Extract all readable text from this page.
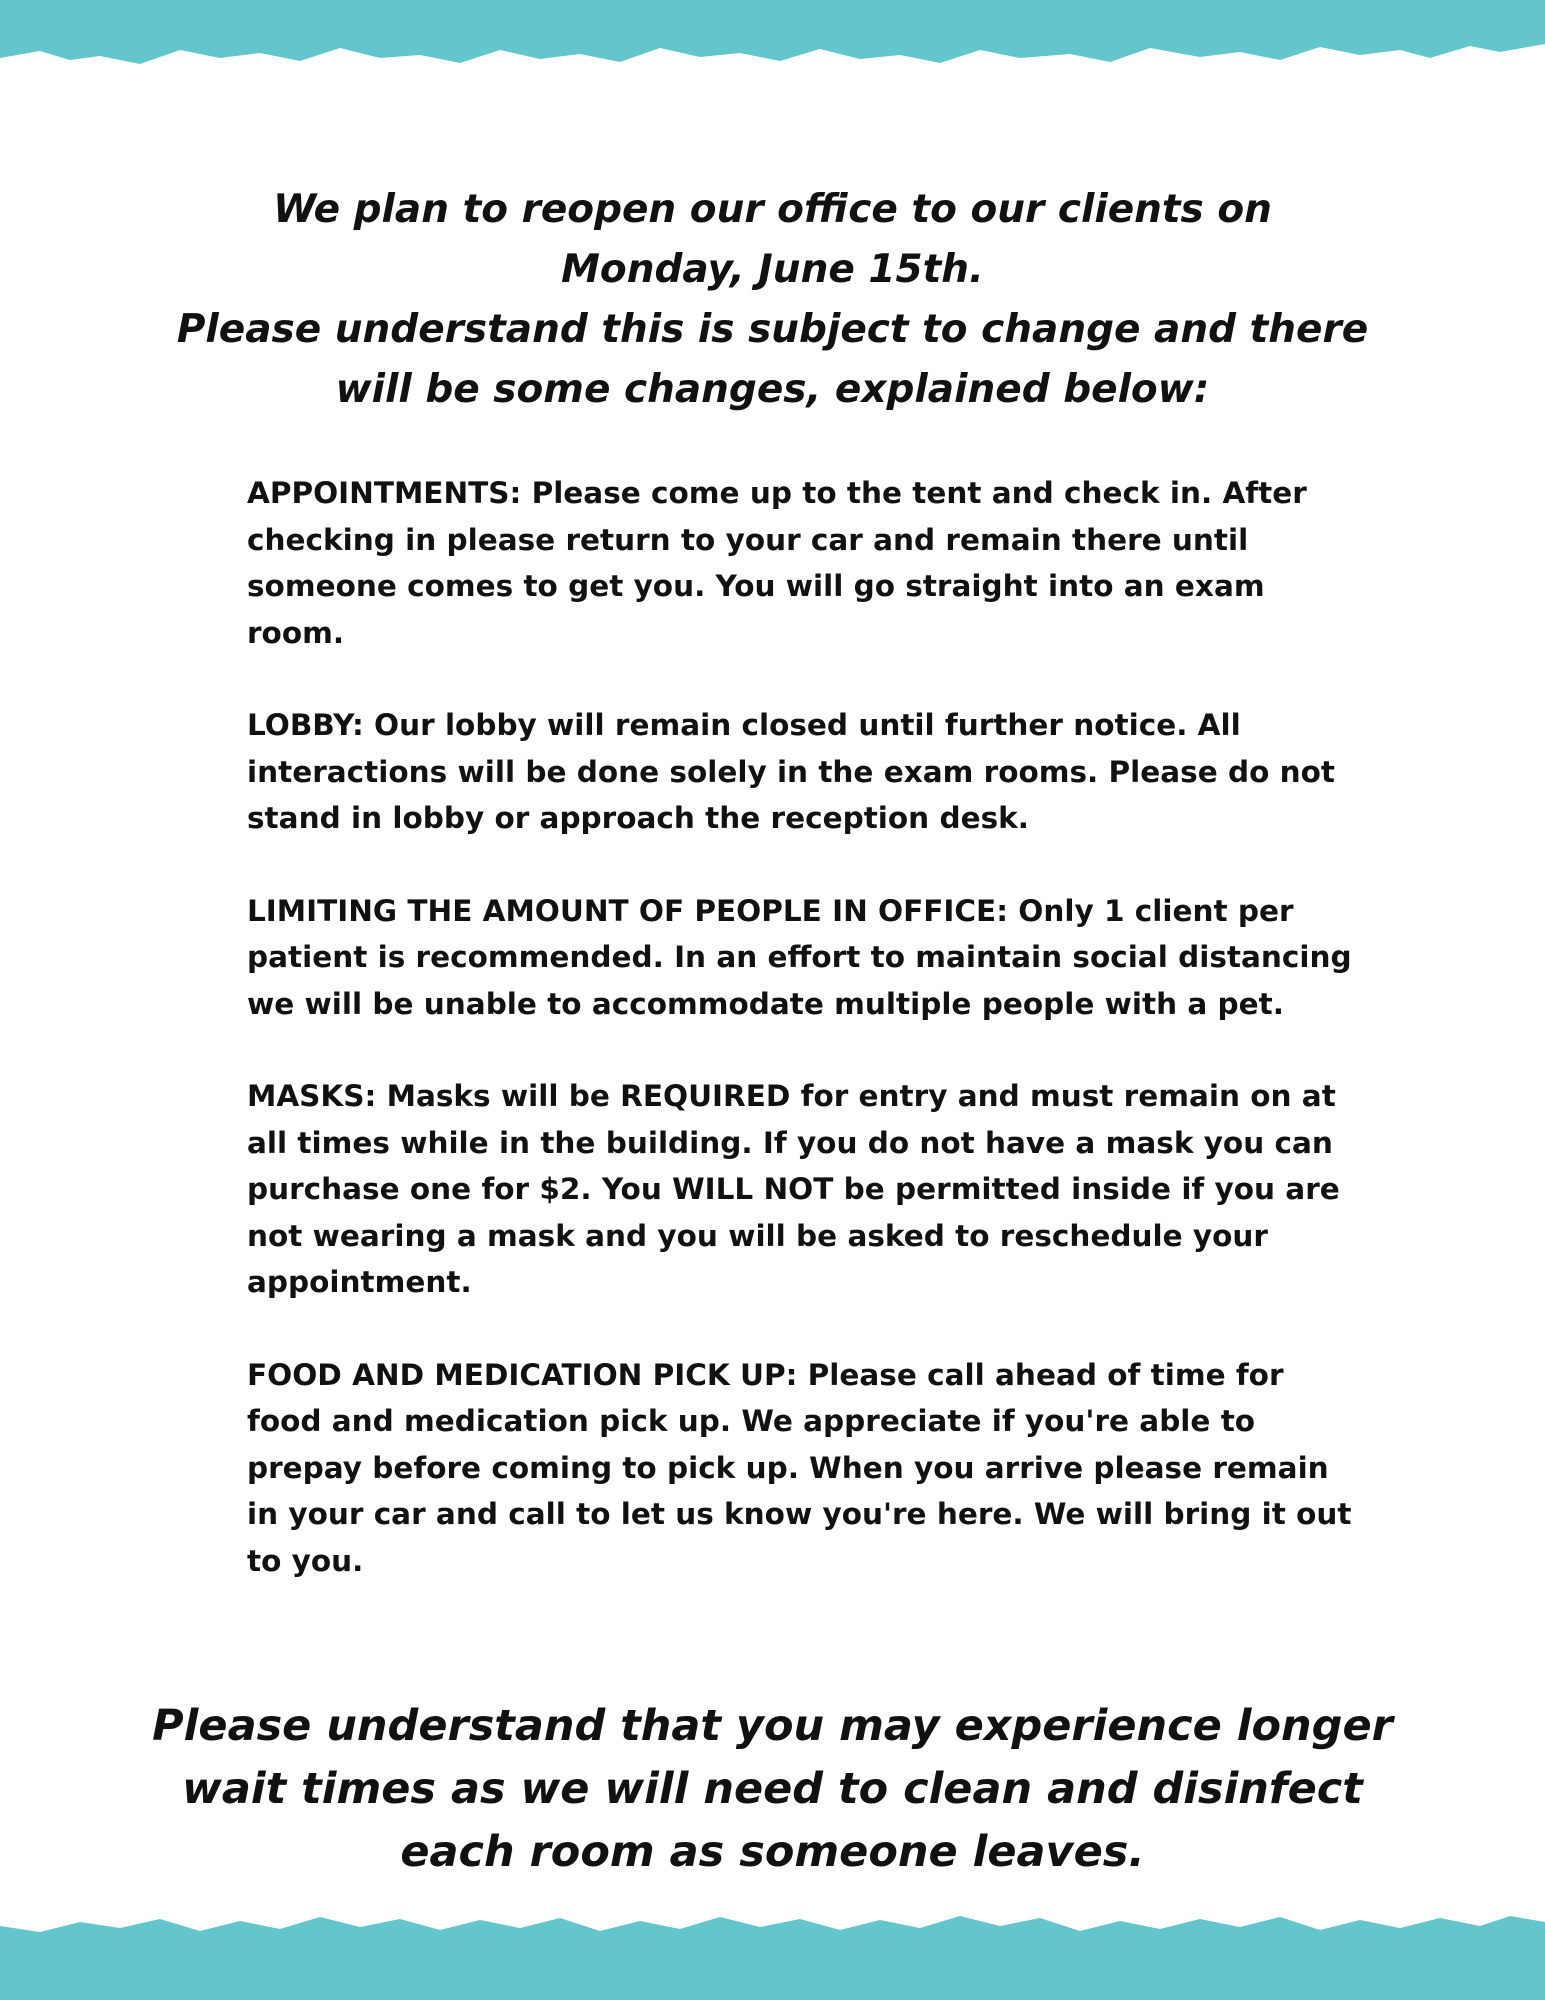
We plan to reopen our office to our clients on
Monday, June 15th.
Please understand this is subject to change and there
will be some changes, explained below:
APPOINTMENTS: Please come up to the tent and check in. After checking in please return to your car and remain there until someone comes to get you. You will go straight into an exam room.
LOBBY: Our lobby will remain closed until further notice. All interactions will be done solely in the exam rooms. Please do not stand in lobby or approach the reception desk.
LIMITING THE AMOUNT OF PEOPLE IN OFFICE: Only 1 client per patient is recommended. In an effort to maintain social distancing we will be unable to accommodate multiple people with a pet.
MASKS: Masks will be REQUIRED for entry and must remain on at all times while in the building. If you do not have a mask you can purchase one for $2. You WILL NOT be permitted inside if you are not wearing a mask and you will be asked to reschedule your appointment.
FOOD AND MEDICATION PICK UP: Please call ahead of time for food and medication pick up. We appreciate if you're able to prepay before coming to pick up. When you arrive please remain in your car and call to let us know you're here. We will bring it out to you.

Please understand that you may experience longer
wait times as we will need to clean and disinfect
each room as someone leaves.
